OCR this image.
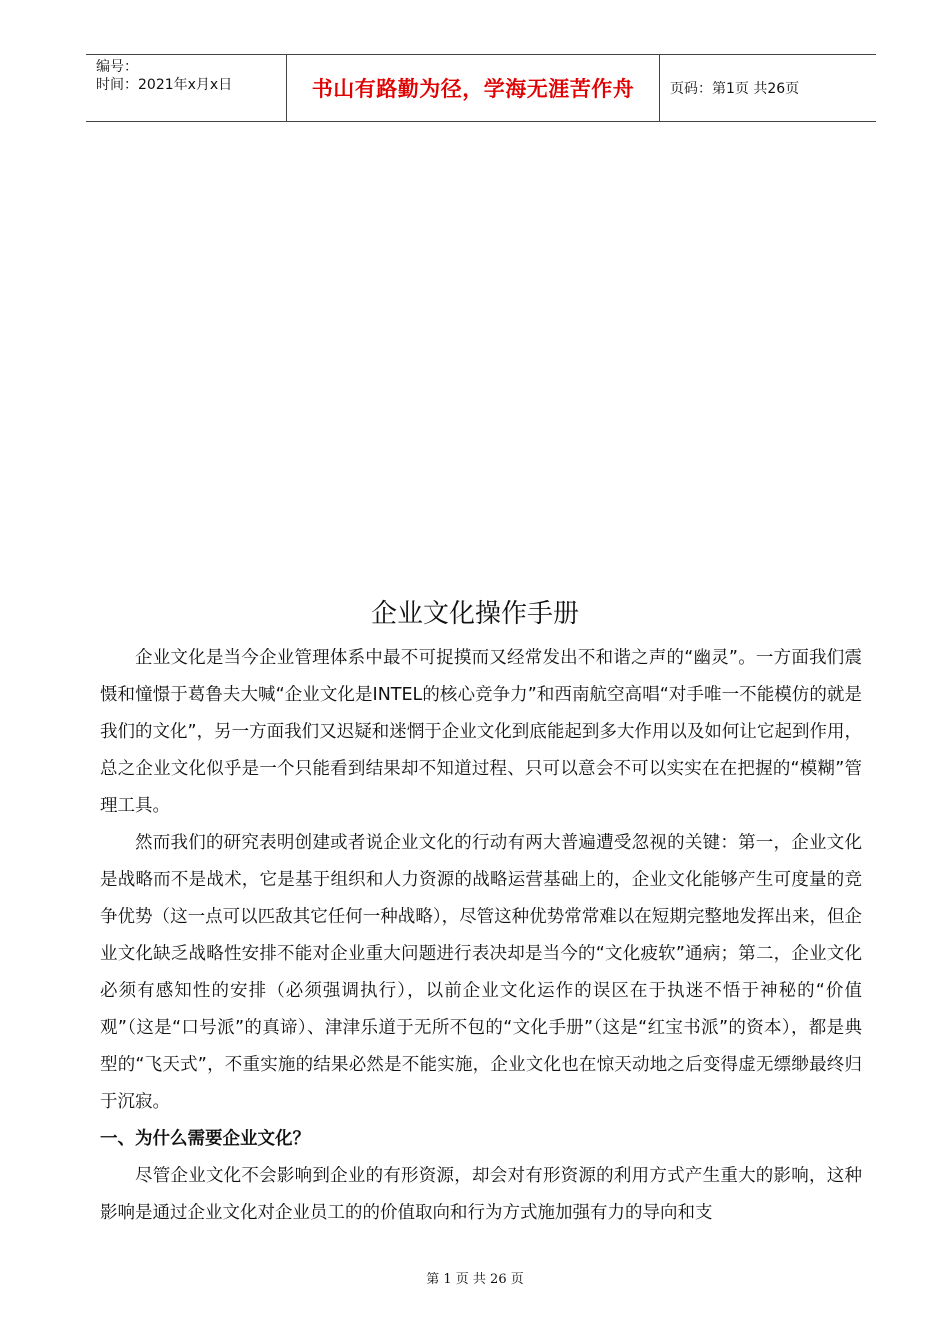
编号：
时间：2021年x月x日	书山有路勤为径，学海无涯苦作舟	页码：第1页 共26页
企业文化操作手册

企业文化是当今企业管理体系中最不可捉摸而又经常发出不和谐之声的“幽灵”。一方面我们震慑和憧憬于葛鲁夫大喊“企业文化是INTEL的核心竞争力”和西南航空高唱“对手唯一不能模仿的就是我们的文化”，另一方面我们又迟疑和迷惘于企业文化到底能起到多大作用以及如何让它起到作用，总之企业文化似乎是一个只能看到结果却不知道过程、只可以意会不可以实实在在把握的“模糊”管理工具。

然而我们的研究表明创建或者说企业文化的行动有两大普遍遭受忽视的关键：第一，企业文化是战略而不是战术，它是基于组织和人力资源的战略运营基础上的，企业文化能够产生可度量的竞争优势（这一点可以匹敌其它任何一种战略），尽管这种优势常常难以在短期完整地发挥出来，但企业文化缺乏战略性安排不能对企业重大问题进行表决却是当今的“文化疲软”通病；第二，企业文化必须有感知性的安排（必须强调执行），以前企业文化运作的误区在于执迷不悟于神秘的“价值观”（这是“口号派”的真谛）、津津乐道于无所不包的“文化手册”（这是“红宝书派”的资本），都是典型的“飞天式”，不重实施的结果必然是不能实施，企业文化也在惊天动地之后变得虚无缥缈最终归于沉寂。

一、为什么需要企业文化？

尽管企业文化不会影响到企业的有形资源，却会对有形资源的利用方式产生重大的影响，这种影响是通过企业文化对企业员工的的价值取向和行为方式施加强有力的导向和支

第 1 页 共 26 页
